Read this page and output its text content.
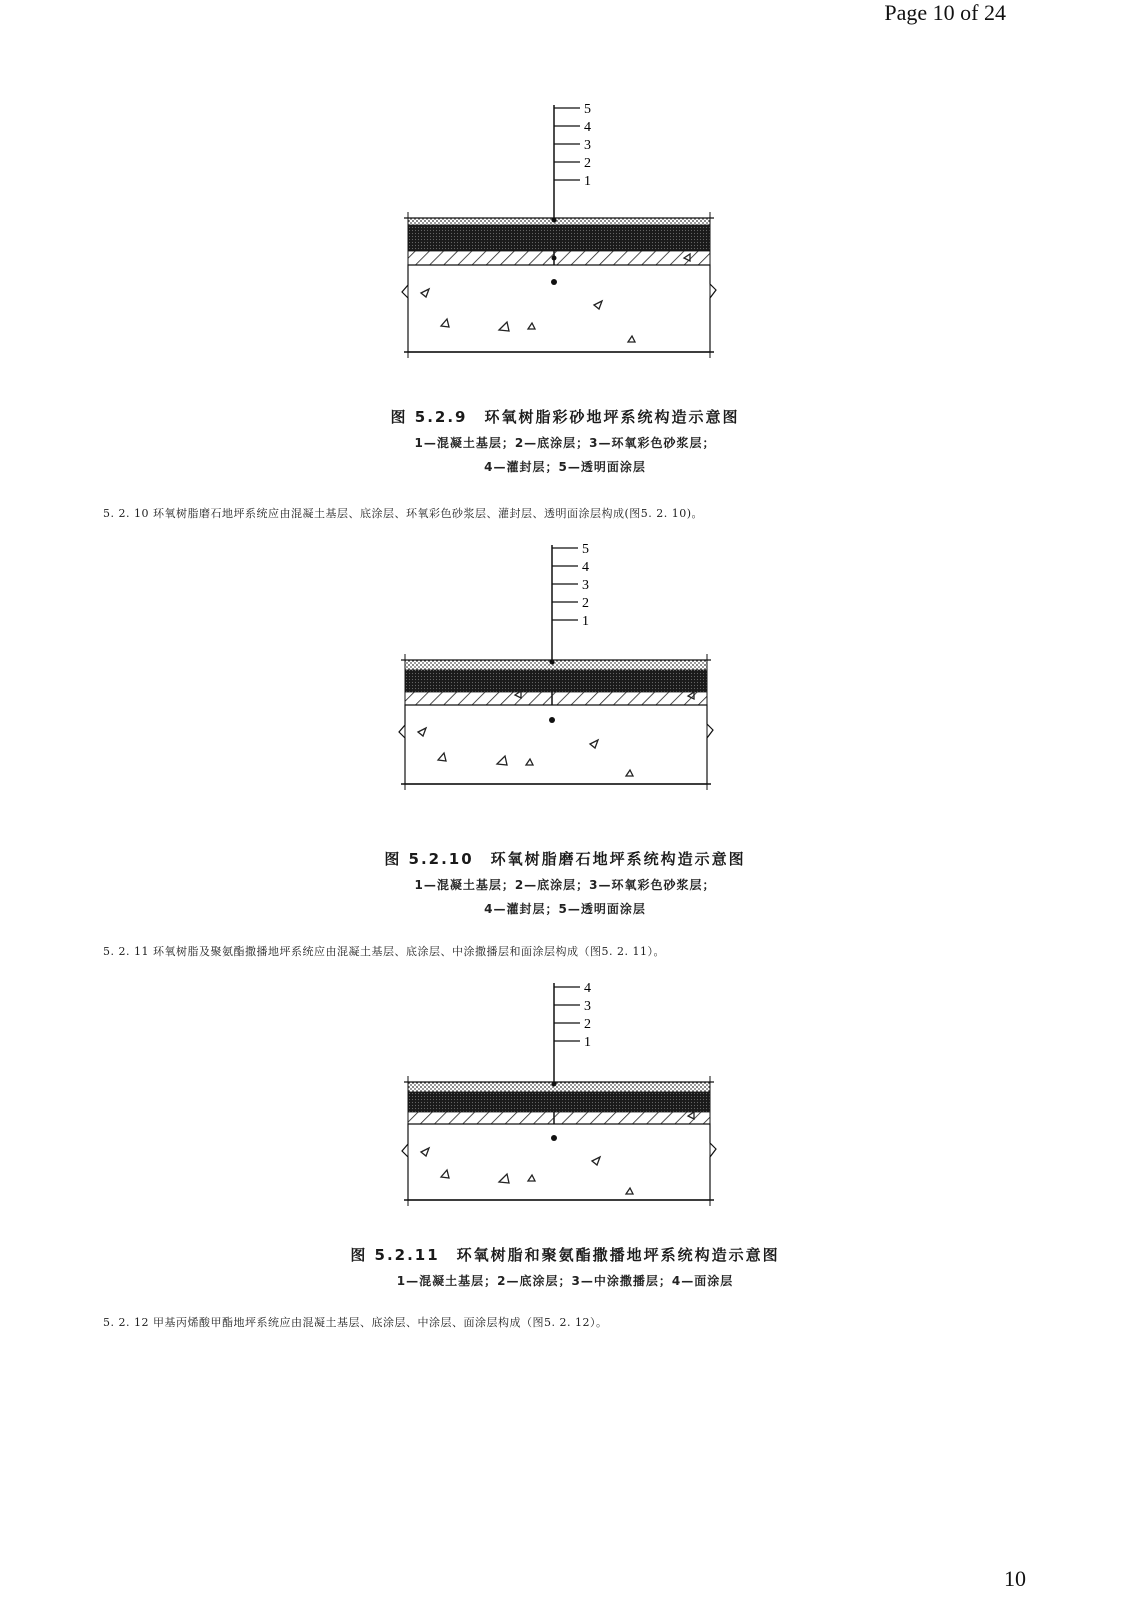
Page 10 of 24
5
4
3
2
1
图 5.2.9　环氧树脂彩砂地坪系统构造示意图
1—混凝土基层；2—底涂层；3—环氧彩色砂浆层；
4—灌封层；5—透明面涂层
5. 2. 10 环氧树脂磨石地坪系统应由混凝土基层、底涂层、环氧彩色砂浆层、灌封层、透明面涂层构成(图5. 2. 10)。
5
4
3
2
1
图 5.2.10　环氧树脂磨石地坪系统构造示意图
1—混凝土基层；2—底涂层；3—环氧彩色砂浆层；
4—灌封层；5—透明面涂层
5. 2. 11 环氧树脂及聚氨酯撒播地坪系统应由混凝土基层、底涂层、中涂撒播层和面涂层构成（图5. 2. 11）。
4
3
2
1
图 5.2.11　环氧树脂和聚氨酯撒播地坪系统构造示意图
1—混凝土基层；2—底涂层；3—中涂撒播层；4—面涂层
5. 2. 12 甲基丙烯酸甲酯地坪系统应由混凝土基层、底涂层、中涂层、面涂层构成（图5. 2. 12）。
10
